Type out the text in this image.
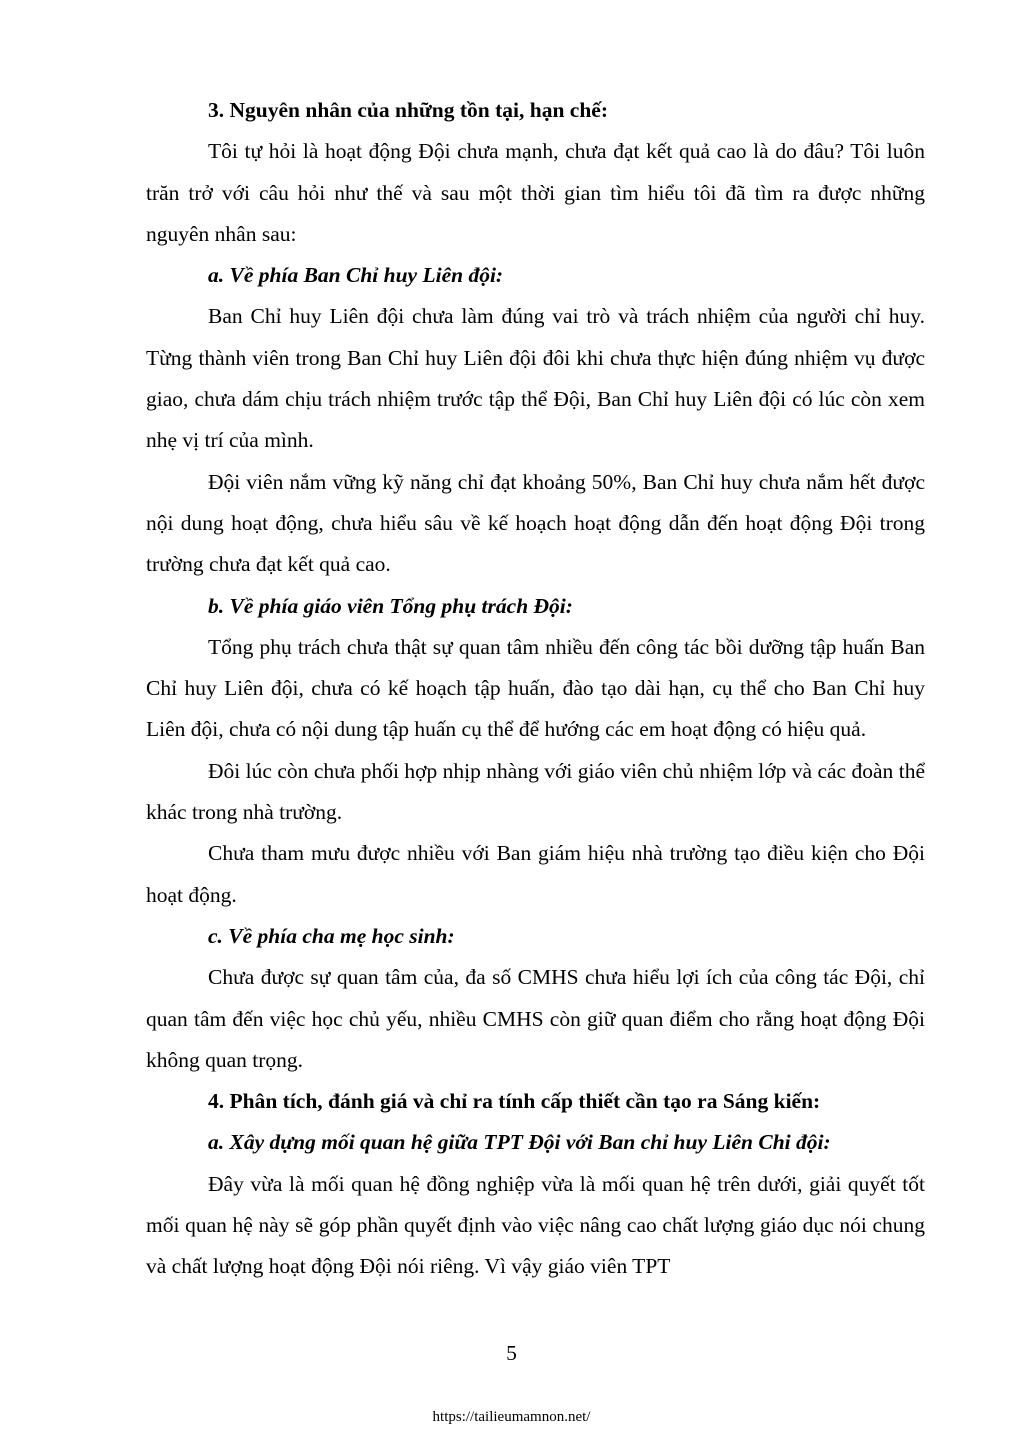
3. Nguyên nhân của những tồn tại, hạn chế:

Tôi tự hỏi là hoạt động Đội chưa mạnh, chưa đạt kết quả cao là do đâu? Tôi luôn trăn trở với câu hỏi như thế và sau một thời gian tìm hiểu tôi đã tìm ra được những nguyên nhân sau:

a. Về phía Ban Chỉ huy Liên đội:

Ban Chỉ huy Liên đội chưa làm đúng vai trò và trách nhiệm của người chỉ huy. Từng thành viên trong Ban Chỉ huy Liên đội đôi khi chưa thực hiện đúng nhiệm vụ được giao, chưa dám chịu trách nhiệm trước tập thể Đội, Ban Chỉ huy Liên đội có lúc còn xem nhẹ vị trí của mình.

Đội viên nắm vững kỹ năng chỉ đạt khoảng 50%, Ban Chỉ huy chưa nắm hết được nội dung hoạt động, chưa hiểu sâu về kế hoạch hoạt động dẫn đến hoạt động Đội trong trường chưa đạt kết quả cao.

b. Về phía giáo viên Tổng phụ trách Đội:

Tổng phụ trách chưa thật sự quan tâm nhiều đến công tác bồi dưỡng tập huấn Ban Chỉ huy Liên đội, chưa có kế hoạch tập huấn, đào tạo dài hạn, cụ thể cho Ban Chỉ huy Liên đội, chưa có nội dung tập huấn cụ thể để hướng các em hoạt động có hiệu quả.

Đôi lúc còn chưa phối hợp nhịp nhàng với giáo viên chủ nhiệm lớp và các đoàn thể khác trong nhà trường.

Chưa tham mưu được nhiều với Ban giám hiệu nhà trường tạo điều kiện cho Đội hoạt động.

c. Về phía cha mẹ học sinh:

Chưa được sự quan tâm của, đa số CMHS chưa hiểu lợi ích của công tác Đội, chỉ quan tâm đến việc học chủ yếu, nhiều CMHS còn giữ quan điểm cho rằng hoạt động Đội không quan trọng.

4. Phân tích, đánh giá và chỉ ra tính cấp thiết cần tạo ra Sáng kiến:

a. Xây dựng mối quan hệ giữa TPT Đội với Ban chỉ huy Liên Chi đội:

Đây vừa là mối quan hệ đồng nghiệp vừa là mối quan hệ trên dưới, giải quyết tốt mối quan hệ này sẽ góp phần quyết định vào việc nâng cao chất lượng giáo dục nói chung và chất lượng hoạt động Đội nói riêng. Vì vậy giáo viên TPT

5
https://tailieumamnon.net/
